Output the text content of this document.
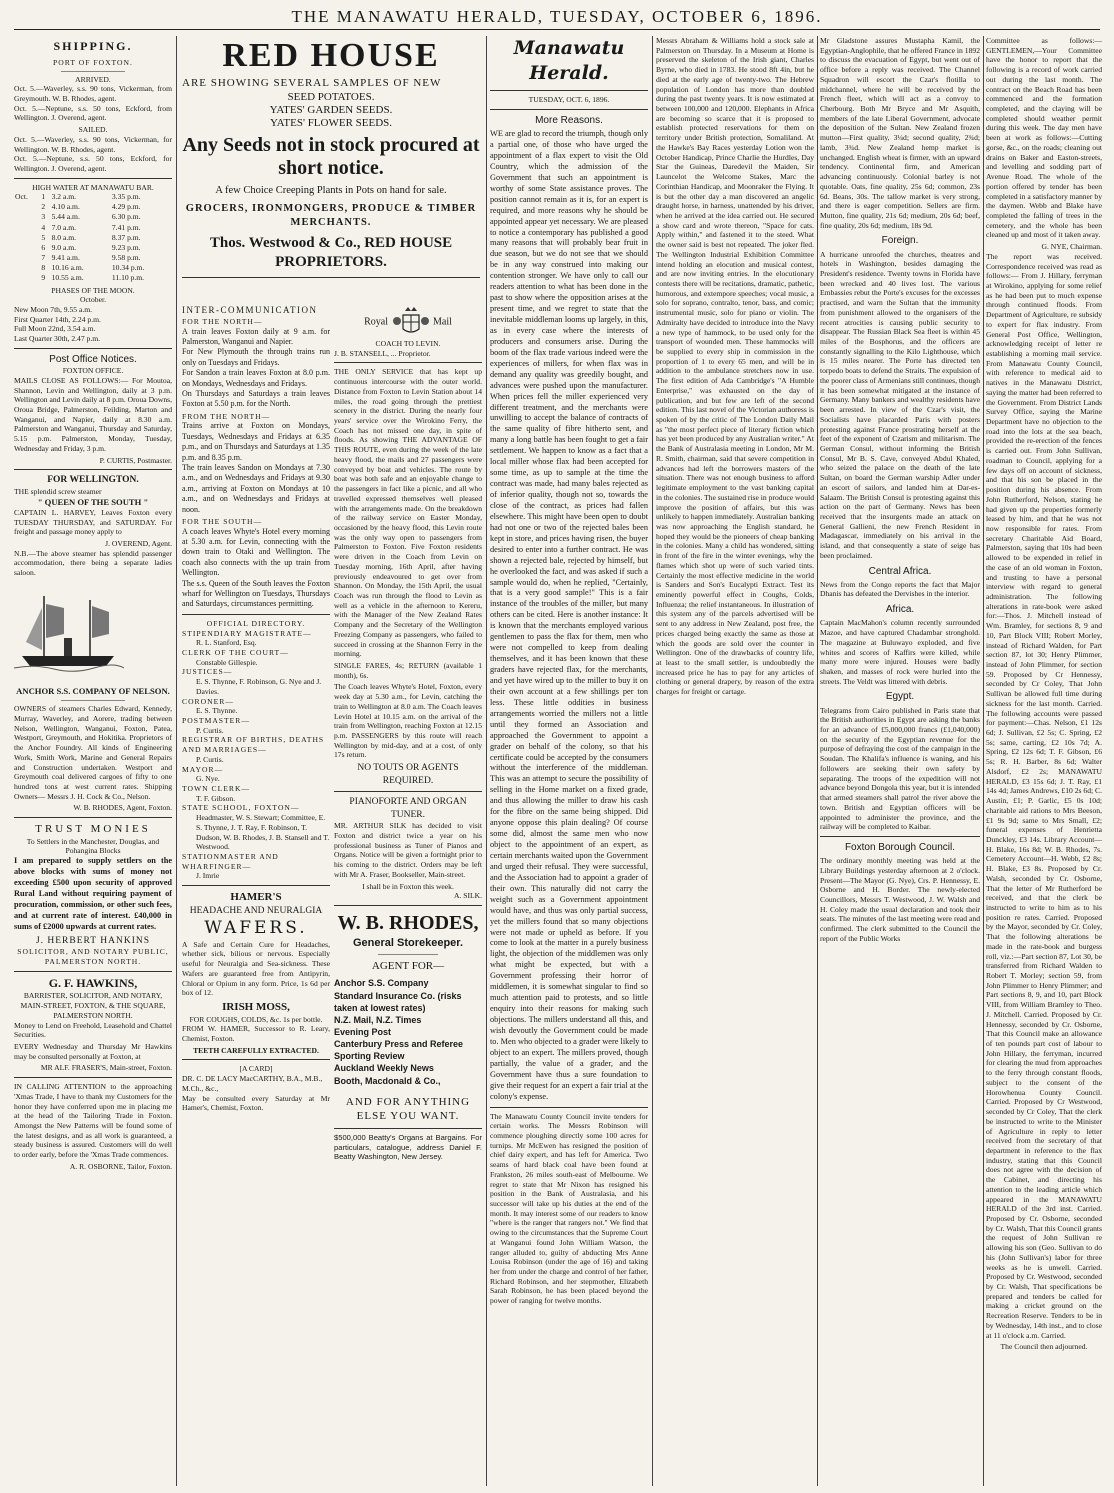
THE MANAWATU HERALD, TUESDAY, OCTOBER 6, 1896.
SHIPPING.
PORT OF FOXTON.
ARRIVED.

Oct. 5.—Waverley, s.s. 90 tons, Vickerman, from Greymouth. W. B. Rhodes, agent.
Oct. 5.—Neptune, s.s. 50 tons, Eckford, from Wellington. J. Overend, agent.

SAILED.

Oct. 5.—Waverley, s.s. 90 tons, Vickerman, for Wellington. W. B. Rhodes, agent.
Oct. 5.—Neptune, s.s. 50 tons, Eckford, for Wellington. J. Overend, agent.

HIGH WATER AT MANAWATU BAR.
Oct.	1	3.2 a.m.	3.35 p.m.
	2	4.10 a.m.	4.29 p.m.
	3	5.44 a.m.	6.30 p.m.
	4	7.0 a.m.	7.41 p.m.
	5	8.0 a.m.	8.37 p.m.
	6	9.0 a.m.	9.23 p.m.
	7	9.41 a.m.	9.58 p.m.
	8	10.16 a.m.	10.34 p.m.
	9	10.55 a.m.	11.10 p.m.
PHASES OF THE MOON.
October.

New Moon 7th, 9.55 a.m.
First Quarter 14th, 2.24 p.m.
Full Moon 22nd, 3.54 a.m.
Last Quarter 30th, 2.47 p.m.

Post Office Notices.
FOXTON OFFICE.

MAILS CLOSE AS FOLLOWS:— For Moutoa, Shannon, Levin and Wellington, daily at 3 p.m. Wellington and Levin daily at 8 p.m. Oroua Downs, Oroua Bridge, Palmerston, Feilding, Marton and Wanganui, and Napier, daily at 8.30 a.m. Palmerston and Wanganui, Thursday and Saturday, 5.15 p.m. Palmerston, Monday, Tuesday, Wednesday and Friday, 3 p.m.

P. CURTIS, Postmaster.
FOR WELLINGTON.
THE splendid screw steamer
" QUEEN OF THE SOUTH "

CAPTAIN L. HARVEY, Leaves Foxton every TUESDAY THURSDAY, and SATURDAY. For freight and passage money apply to

J. OVEREND, Agent.

N.B.—The above steamer has splendid passenger accommodation, there being a separate ladies saloon.

ANCHOR S.S. COMPANY OF NELSON.

OWNERS of steamers Charles Edward, Kennedy, Murray, Waverley, and Aorere, trading between Nelson, Wellington, Wanganui, Foxton, Patea, Westport, Greymouth, and Hokitika. Proprietors of the Anchor Foundry. All kinds of Engineering Work, Smith Work, Marine and General Repairs and Construction undertaken. Westport and Greymouth coal delivered cargoes of fifty to one hundred tons at west current rates. Shipping Owners— Messrs J. H. Cock & Co., Nelson.

W. B. RHODES, Agent, Foxton.
TRUST MONIES
To Settlers in the Manchester, Douglas, and Pohangina Blocks

I am prepared to supply settlers on the above blocks with sums of money not exceeding £500 upon security of approved Rural Land without requiring payment of procuration, commission, or other such fees, and at current rate of interest. £40,000 in sums of £2000 upwards at current rates.

J. HERBERT HANKINS
SOLICITOR, AND NOTARY PUBLIC, PALMERSTON NORTH.
G. F. HAWKINS,
BARRISTER, SOLICITOR, AND NOTARY,
MAIN-STREET, FOXTON, & THE SQUARE, PALMERSTON NORTH.

Money to Lend on Freehold, Leasehold and Chattel Securities.

EVERY Wednesday and Thursday Mr Hawkins may be consulted personally at Foxton, at

MR ALF. FRASER'S, Main-street, Foxton.

IN CALLING ATTENTION to the approaching 'Xmas Trade, I have to thank my Customers for the honor they have conferred upon me in placing me at the head of the Tailoring Trade in Foxton. Amongst the New Patterns will be found some of the latest designs, and as all work is guaranteed, a steady business is assured. Customers will do well to order early, before the 'Xmas Trade commences.

A. R. OSBORNE, Tailor, Foxton.
RED HOUSE
ARE SHOWING SEVERAL SAMPLES OF NEW
SEED POTATOES.
YATES' GARDEN SEEDS.
YATES' FLOWER SEEDS.
Any Seeds not in stock procured at short notice.
A few Choice Creeping Plants in Pots on hand for sale.
GROCERS, IRONMONGERS, PRODUCE & TIMBER MERCHANTS.
Thos. Westwood & Co., RED HOUSE PROPRIETORS.
INTER-COMMUNICATION
FOR THE NORTH—

A train leaves Foxton daily at 9 a.m. for Palmerston, Wanganui and Napier.
For New Plymouth the through trains run only on Tuesdays and Fridays.
For Sandon a train leaves Foxton at 8.0 p.m. on Mondays, Wednesdays and Fridays.
On Thursdays and Saturdays a train leaves Foxton at 5.50 p.m. for the North.

FROM THE NORTH—

Trains arrive at Foxton on Mondays, Tuesdays, Wednesdays and Fridays at 6.35 p.m., and on Thursdays and Saturdays at 1.35 p.m. and 8.35 p.m.
The train leaves Sandon on Mondays at 7.30 a.m., and on Wednesdays and Fridays at 9.30 a.m., arriving at Foxton on Mondays at 10 a.m., and on Wednesdays and Fridays at noon.

FOR THE SOUTH—

A coach leaves Whyte's Hotel every morning at 5.30 a.m. for Levin, connecting with the down train to Otaki and Wellington. The coach also connects with the up train from Wellington.
The s.s. Queen of the South leaves the Foxton wharf for Wellington on Tuesdays, Thursdays and Saturdays, circumstances permitting.

OFFICIAL DIRECTORY.
STIPENDIARY MAGISTRATE—
R. L. Stanford, Esq.
CLERK OF THE COURT—
Constable Gillespie.
JUSTICES—
E. S. Thynne, F. Robinson, G. Nye and J. Davies.
CORONER—
E. S. Thynne.
POSTMASTER—
P. Curtis.
REGISTRAR OF BIRTHS, DEATHS AND MARRIAGES—
P. Curtis.
MAYOR—
G. Nye.
TOWN CLERK—
T. F. Gibson.
STATE SCHOOL, FOXTON—
Headmaster, W. S. Stewart; Committee, E. S. Thynne, J. T. Ray, F. Robinson, T. Dudson, W. B. Rhodes, J. B. Stansell and T. Westwood.
STATIONMASTER AND WHARFINGER—
J. Imrie
HAMER'S
HEADACHE AND NEURALGIA
WAFERS.

A Safe and Certain Cure for Headaches, whether sick, bilious or nervous. Especially useful for Neuralgia and Sea-sickness. These Wafers are guaranteed free from Antipyrin, Chloral or Opium in any form. Price, 1s 6d per box of 12.

IRISH MOSS,
FOR COUGHS, COLDS, &c. 1s per bottle.

FROM W. HAMER, Successor to R. Leary, Chemist, Foxton.

TEETH CAREFULLY EXTRACTED.
[A CARD]
DR. C. DE LACY MacCARTHY, B.A., M.B., M.Ch., &c.,

May be consulted every Saturday at Mr Hamer's, Chemist, Foxton.

Royal	Mail
COACH TO LEVIN.
J. B. STANSELL, ... Proprietor.

THE ONLY SERVICE that has kept up continuous intercourse with the outer world. Distance from Foxton to Levin Station about 14 miles, the road going through the prettiest scenery in the district. During the nearly four years' service over the Wirokino Ferry, the Coach has not missed one day, in spite of floods. As showing THE ADVANTAGE OF THIS ROUTE, even during the week of the late heavy flood, the mails and 27 passengers were conveyed by boat and vehicles. The route by boat was both safe and an enjoyable change to the passengers in fact like a picnic, and all who travelled expressed themselves well pleased with the arrangements made. On the breakdown of the railway service on Easter Monday, occasioned by the heavy flood, this Levin route was the only way open to passengers from Palmerston to Foxton. Five Foxton residents were driven in the Coach from Levin on Tuesday morning, 16th April, after having previously endeavoured to get over from Shannon. On Monday, the 15th April, the usual Coach was run through the flood to Levin as well as a vehicle in the afternoon to Kereru, with the Manager of the New Zealand Rates Company and the Secretary of the Wellington Freezing Company as passengers, who failed to succeed in crossing at the Shannon Ferry in the morning.

SINGLE FARES, 4s; RETURN (available 1 month), 6s.

The Coach leaves Whyte's Hotel, Foxton, every week day at 5.30 a.m., for Levin, catching the train to Wellington at 8.0 a.m. The Coach leaves Levin Hotel at 10.15 a.m. on the arrival of the train from Wellington, reaching Foxton at 12.15 p.m. PASSENGERS by this route will reach Wellington by mid-day, and at a cost, of only 17s return.

NO TOUTS OR AGENTS REQUIRED.
PIANOFORTE AND ORGAN TUNER.

MR. ARTHUR SILK has decided to visit Foxton and district twice a year on his professional business as Tuner of Pianos and Organs. Notice will be given a fortnight prior to his coming to the district. Orders may be left with Mr A. Fraser, Bookseller, Main-street.

I shall be in Foxton this week.
A. SILK.
W. B. RHODES,
General Storekeeper.
AGENT FOR—
Anchor S.S. Company
Standard Insurance Co. (risks taken at lowest rates)
N.Z. Mail, N.Z. Times
Evening Post
Canterbury Press and Referee
Sporting Review
Auckland Weekly News
Booth, Macdonald & Co.,
AND FOR ANYTHING ELSE YOU WANT.

$500,000 Beatty's Organs at Bargains. For particulars, catalogue, address Daniel F. Beatty Washington, New Jersey.

Manawatu Herald.
TUESDAY, OCT. 6, 1896.
More Reasons.

WE are glad to record the triumph, though only a partial one, of those who have urged the appointment of a flax expert to visit the Old Country, which the admission of the Government that such an appointment is worthy of some State assistance proves. The position cannot remain as it is, for an expert is required, and more reasons why he should be appointed appear yet necessary. We are pleased to notice a contemporary has published a good many reasons that will probably bear fruit in due season, but we do not see that we should be in any way construed into making our contention stronger. We have only to call our readers attention to what has been done in the past to show where the opposition arises at the present time, and we regret to state that the inevitable middleman looms up largely, in this, as in every case where the interests of producers and consumers arise. During the boom of the flax trade various indeed were the experiences of millers, for when flax was in demand any quality was greedily bought, and advances were pushed upon the manufacturer. When prices fell the miller experienced very different treatment, and the merchants were unwilling to accept the balance of contracts of the same quality of fibre hitherto sent, and many a long battle has been fought to get a fair settlement. We happen to know as a fact that a local miller whose flax had been accepted for some time, as up to sample at the time the contract was made, had many bales rejected as of inferior quality, though not so, towards the close of the contract, as prices had fallen elsewhere. This might have been open to doubt had not one or two of the rejected bales been kept in store, and prices having risen, the buyer desired to enter into a further contract. He was shown a rejected bale, rejected by himself, but he overlooked the fact, and was asked if such a sample would do, when he replied, "Certainly, that is a very good sample!" This is a fair instance of the troubles of the miller, but many others can be cited. Here is another instance: It is known that the merchants employed various gentlemen to pass the flax for them, men who were not compelled to keep from dealing themselves, and it has been known that these graders have rejected flax, for the merchants, and yet have wired up to the miller to buy it on their own account at a few shillings per ton less. These little oddities in business arrangements worried the millers not a little until they formed an Association and approached the Government to appoint a grader on behalf of the colony, so that his certificate could be accepted by the consumers without the interference of the middleman. This was an attempt to secure the possibility of selling in the Home market on a fixed grade, and thus allowing the miller to draw his cash for the fibre on the same being shipped. Did anyone oppose this plain dealing? Of course some did, almost the same men who now object to the appointment of an expert, as certain merchants waited upon the Government and urged their refusal. They were successful, and the Association had to appoint a grader of their own. This naturally did not carry the weight such as a Government appointment would have, and thus was only partial success, yet the millers found that so many objections were not made or upheld as before. If you come to look at the matter in a purely business light, the objection of the middlemen was only what might be expected, but with a Government professing their horror of middlemen, it is somewhat singular to find so much attention paid to protests, and so little enquiry into their reasons for making such objections. The millers understand all this, and wish devoutly the Government could be made to. Men who objected to a grader were likely to object to an expert. The millers proved, though partially, the value of a grader, and the Government have thus a sure foundation to give their request for an expert a fair trial at the colony's expense.

The Manawatu County Council invite tenders for certain works. The Messrs Robinson will commence ploughing directly some 100 acres for turnips. Mr McEwen has resigned the position of chief dairy expert, and has left for America. Two seams of hard black coal have been found at Frankston, 26 miles south-east of Melbourne. We regret to state that Mr Nixon has resigned his position in the Bank of Australasia, and his successor will take up his duties at the end of the month. It may interest some of our readers to know "where is the ranger that rangers not." We find that owing to the circumstances that the Supreme Court at Wanganui found John William Watson, the ranger alluded to, guilty of abducting Mrs Anne Louisa Robinson (under the age of 16) and taking her from under the charge and control of her father, Richard Robinson, and her stepmother, Elizabeth Sarah Robinson, he has been placed beyond the power of ranging for twelve months.

Messrs Abraham & Williams hold a stock sale at Palmerston on Thursday. In a Museum at Home is preserved the skeleton of the Irish giant, Charles Byrne, who died in 1783. He stood 8ft 4in, but he died at the early age of twenty-two. The Hebrew population of London has more than doubled during the past twenty years. It is now estimated at between 100,000 and 120,000. Elephants in Africa are becoming so scarce that it is proposed to establish protected reservations for them on territory under British protection, Somaliland. At the Hawke's Bay Races yesterday Lotion won the October Handicap, Prince Charlie the Hurdles, Day Star the Guineas, Daredevil the Maiden, Sir Launcelot the Welcome Stakes, Marc the Corinthian Handicap, and Moonraker the Flying. It is but the other day a man discovered an angelic draught horse, in harness, unattended by his driver, when he arrived at the idea carried out. He secured a show card and wrote thereon, "Space for cats. Apply within," and fastened it to the steed. What the owner said is best not repeated. The joker fled. The Wellington Industrial Exhibition Committee intend holding an elocution and musical contest, and are now inviting entries. In the elocutionary contests there will be recitations, dramatic, pathetic, humorous, and extempore speeches; vocal music, a solo for soprano, contralto, tenor, bass, and comic; instrumental music, solo for piano or violin. The Admiralty have decided to introduce into the Navy a new type of hammock, to be used only for the transport of wounded men. These hammocks will be supplied to every ship in commission in the proportion of 1 to every 65 men, and will be in addition to the ambulance stretchers now in use. The first edition of Ada Cambridge's "A Humble Enterprise," was exhausted on the day of publication, and but few are left of the second edition. This last novel of the Victorian authoress is spoken of by the critic of The London Daily Mail as "the most perfect piece of literary fiction which has yet been produced by any Australian writer." At the Bank of Australasia meeting in London, Mr M. R. Smith, chairman, said that severe competition in advances had left the borrowers masters of the situation. There was not enough business to afford legitimate employment to the vast banking capital in the colonies. The sustained rise in produce would improve the position of affairs, but this was unlikely to happen immediately. Australian banking was now approaching the English standard, he hoped they would be the pioneers of cheap banking in the colonies. Many a child has wondered, sitting in front of the fire in the winter evenings, why the flames which shot up were of such varied tints. Certainly the most effective medicine in the world is Sanders and Son's Eucalypti Extract. Test its eminently powerful effect in Coughs, Colds, Influenza; the relief instantaneous. In illustration of this system any of the parcels advertised will be sent to any address in New Zealand, post free, the prices charged being exactly the same as those at which the goods are sold over the counter in Wellington. One of the drawbacks of country life, at least to the small settler, is undoubtedly the increased price he has to pay for any articles of clothing or general drapery, by reason of the extra charges for freight or cartage.

Mr Gladstone assures Mustapha Kamil, the Egyptian-Anglophile, that he offered France in 1892 to discuss the evacuation of Egypt, but went out of office before a reply was received. The Channel Squadron will escort the Czar's flotilla to midchannel, where he will be received by the French fleet, which will act as a convoy to Cherbourg. Both Mr Bryce and Mr Asquith, members of the late Liberal Government, advocate the deposition of the Sultan. New Zealand frozen mutton—First quality, 3¼d; second quality, 2¾d; lamb, 3¾d. New Zealand hemp market is unchanged. English wheat is firmer, with an upward tendency. Continental firm, and American advancing continuously. Colonial barley is not quotable. Oats, fine quality, 25s 6d; common, 23s 6d. Beans, 30s. The tallow market is very strong, and there is eager competition. Sellers are firm. Mutton, fine quality, 21s 6d; medium, 20s 6d; beef, fine quality, 20s 6d; medium, 18s 9d.

Foreign.

A hurricane unroofed the churches, theatres and hotels in Washington, besides damaging the President's residence. Twenty towns in Florida have been wrecked and 40 lives lost. The various Embassies rebut the Porte's excuses for the excesses practised, and warn the Sultan that the immunity from punishment allowed to the organisers of the recent atrocities is causing public security to disappear. The Russian Black Sea fleet is within 45 miles of the Bosphorus, and the officers are constantly signalling to the Kilo Lighthouse, which is 15 miles nearer. The Porte has directed ten torpedo boats to defend the Straits. The expulsion of the poorer class of Armenians still continues, though it has been somewhat mitigated at the instance of Germany. Many bankers and wealthy residents have been arrested. In view of the Czar's visit, the Socialists have placarded Paris with posters protesting against France prostrating herself at the feet of the exponent of Czarism and militarism. The German Consul, without informing the British Consul, Mr B. S. Cave, conveyed Abdul Khaled, who seized the palace on the death of the late Sultan, on board the German warship Adler under an escort of sailors, and landed him at Dar-es-Salaam. The British Consul is protesting against this action on the part of Germany. News has been received that the insurgents made an attack on General Gallieni, the new French Resident in Madagascar, immediately on his arrival in the island, and that consequently a state of seige has been proclaimed.

Central Africa.

News from the Congo reports the fact that Major Dhanis has defeated the Dervishes in the interior.

Africa.

Captain MacMahon's column recently surrounded Mazoe, and have captured Chadambar stronghold. The magazine at Buluwayo exploded, and five whites and scores of Kaffirs were killed, while many more were injured. Houses were badly shaken, and masses of rock were hurled into the streets. The Veldt was littered with debris.

Egypt.

Telegrams from Cairo published in Paris state that the British authorities in Egypt are asking the banks for an advance of £5,000,000 francs (£1,040,000) on the security of the Egyptian revenue for the purpose of defraying the cost of the campaign in the Soudan. The Khalifa's influence is waning, and his followers are seeking their own safety by separating. The troops of the expedition will not advance beyond Dongola this year, but it is intended that armed steamers shall patrol the river above the town. British and Egyptian officers will be appointed to administer the province, and the railway will be completed to Kaibar.

Foxton Borough Council.

The ordinary monthly meeting was held at the Library Buildings yesterday afternoon at 2 o'clock. Present—The Mayor (G. Nye), Crs. P. Hennessy, E. Osborne and H. Border. The newly-elected Councillors, Messrs T. Westwood, J. W. Walsh and H. Coley made the usual declaration and took their seats. The minutes of the last meeting were read and confirmed. The clerk submitted to the Council the report of the Public Works

Committee as follows:— GENTLEMEN,—Your Committee have the honor to report that the following is a record of work carried out during the last month. The contract on the Beach Road has been commenced and the formation completed, and the claying will be completed should weather permit during this week. The day men have been at work as follows:—Cutting gorse, &c., on the roads; cleaning out drains on Baker and Easton-streets, and levelling and sodding part of Avenue Road. The whole of the portion offered by tender has been completed in a satisfactory manner by the daymen. Webb and Blake have completed the falling of trees in the cemetery, and the whole has been cleaned up and most of it taken away.

G. NYE, Chairman.

The report was received. Correspondence received was read as follows:— From J. Hillary, ferryman at Wirokino, applying for some relief as he had been put to much expense through continued floods. From Department of Agriculture, re subsidy to expert for flax industry. From General Post Office, Wellington, acknowledging receipt of letter re establishing a morning mail service. From Manawatu County Council, with reference to medical aid to natives in the Manawatu District, saying the matter had been referred to the Government. From District Lands Survey Office, saying the Marine Department have no objection to the road into the lots at the sea beach, provided the re-erection of the fences is carried out. From John Sullivan, roadman to Council, applying for a few days off on account of sickness, and that his son be placed in the position during his absence. From John Rutherford, Nelson, stating he had given up the properties formerly leased by him, and that he was not now responsible for rates. From secretary Charitable Aid Board, Palmerston, saying that 10s had been allowed to be expended in relief in the case of an old woman in Foxton, and trusting to have a personal interview with regard to general administration. The following alterations in rate-book were asked for:—Thos. J. Mitchell instead of Wm. Bramley, for sections 8, 9 and 10, Part Block VIII; Robert Morley, instead of Richard Walden, for Part section 87, lot 30; Henry Plimmer, instead of John Plimmer, for section 59. Proposed by Cr Hennessy, seconded by Cr Coley, That John Sullivan be allowed full time during sickness for the last month. Carried. The following accounts were passed for payment:—Chas. Nelson, £1 12s 6d; J. Sullivan, £2 5s; C. Spring, £2 5s; same, carting, £2 10s 7d; A. Spring, £2 12s 6d; T. F. Gibson, £6 5s; R. H. Barber, 8s 6d; Walter Alsdorf, £2 2s; MANAWATU HERALD, £3 15s 6d; J. T. Ray, £1 14s 4d; James Andrews, £10 2s 6d; C. Austin, £1; P. Garlic, £5 0s 10d; charitable aid rations to Mrs Beeson, £1 9s 9d; same to Mrs Small, £2; funeral expenses of Henrietta Dunckley, £3 14s. Library Account—H. Blake, 16s 8d; W. B. Rhodes, 7s. Cemetery Account—H. Webb, £2 8s; H. Blake, £3 8s. Proposed by Cr. Walsh, seconded by Cr. Osborne, That the letter of Mr Rutherford be received, and that the clerk be instructed to write to him as to his position re rates. Carried. Proposed by the Mayor, seconded by Cr. Coley, That the following alterations be made in the rate-book and burgess roll, viz.:—Part section 87, Lot 30, be transferred from Richard Walden to Robert T. Morley; section 59, from John Plimmer to Henry Plimmer; and Part sections 8, 9, and 10, part Block VIII, from William Bramley to Theo. J. Mitchell. Carried. Proposed by Cr. Hennessy, seconded by Cr. Osborne, That this Council make an allowance of ten pounds part cost of labour to John Hillary, the ferryman, incurred for clearing the mud from approaches to the ferry through constant floods, subject to the consent of the Horowhenua County Council. Carried. Proposed by Cr Westwood, seconded by Cr Coley, That the clerk be instructed to write to the Minister of Agriculture in reply to letter received from the secretary of that department in reference to the flax industry, stating that this Council does not agree with the decision of the Cabinet, and directing his attention to the leading article which appeared in the MANAWATU HERALD of the 3rd inst. Carried. Proposed by Cr. Osborne, seconded by Cr. Walsh, That this Council grants the request of John Sullivan re allowing his son (Geo. Sullivan to do his (John Sullivan's) labor for three weeks as he is unwell. Carried. Proposed by Cr. Westwood, seconded by Cr. Walsh, That specifications be prepared and tenders be called for making a cricket ground on the Recreation Reserve. Tenders to be in by Wednesday, 14th inst., and to close at 11 o'clock a.m. Carried.

The Council then adjourned.
